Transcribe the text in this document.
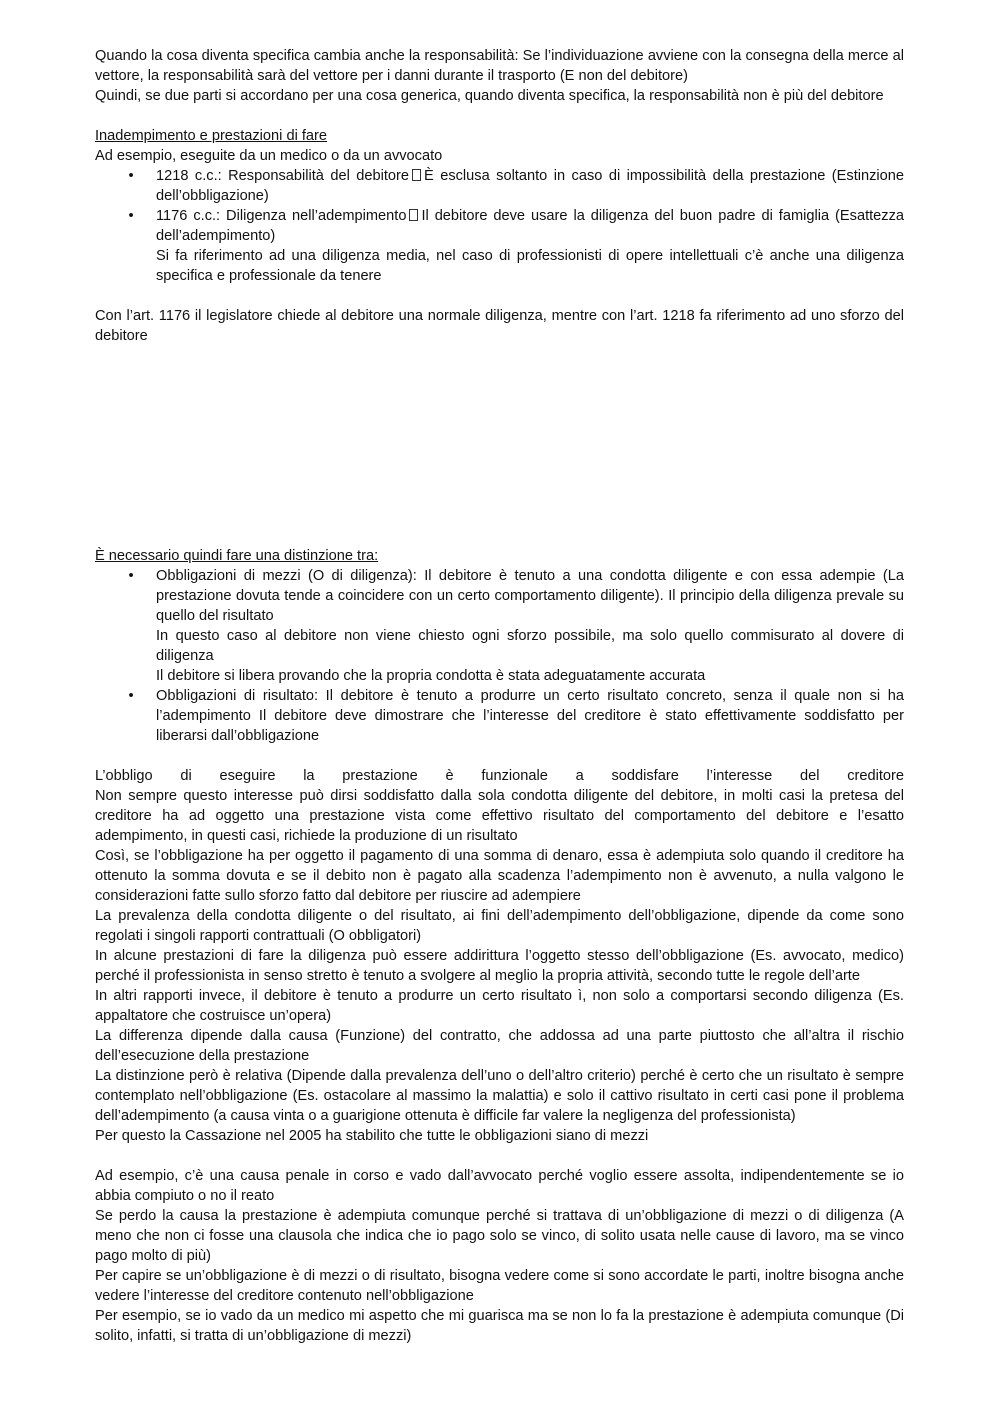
Quando la cosa diventa specifica cambia anche la responsabilità: Se l’individuazione avviene con la consegna della merce al vettore, la responsabilità sarà del vettore per i danni durante il trasporto (E non del debitore)

Quindi, se due parti si accordano per una cosa generica, quando diventa specifica, la responsabilità non è più del debitore

Inadempimento e prestazioni di fare

Ad esempio, eseguite da un medico o da un avvocato

• 1218 c.c.: Responsabilità del debitore È esclusa soltanto in caso di impossibilità della prestazione (Estinzione dell’obbligazione)
• 1176 c.c.: Diligenza nell’adempimento Il debitore deve usare la diligenza del buon padre di famiglia (Esattezza dell’adempimento)
Si fa riferimento ad una diligenza media, nel caso di professionisti di opere intellettuali c’è anche una diligenza specifica e professionale da tenere

Con l’art. 1176 il legislatore chiede al debitore una normale diligenza, mentre con l’art. 1218 fa riferimento ad uno sforzo del debitore

È necessario quindi fare una distinzione tra:

• Obbligazioni di mezzi (O di diligenza): Il debitore è tenuto a una condotta diligente e con essa adempie (La prestazione dovuta tende a coincidere con un certo comportamento diligente). Il principio della diligenza prevale su quello del risultato
In questo caso al debitore non viene chiesto ogni sforzo possibile, ma solo quello commisurato al dovere di diligenza
Il debitore si libera provando che la propria condotta è stata adeguatamente accurata
• Obbligazioni di risultato: Il debitore è tenuto a produrre un certo risultato concreto, senza il quale non si ha l’adempimento Il debitore deve dimostrare che l’interesse del creditore è stato effettivamente soddisfatto per liberarsi dall’obbligazione

L’obbligo di eseguire la prestazione è funzionale a soddisfare l’interesse del creditore

Non sempre questo interesse può dirsi soddisfatto dalla sola condotta diligente del debitore, in molti casi la pretesa del creditore ha ad oggetto una prestazione vista come effettivo risultato del comportamento del debitore e l’esatto adempimento, in questi casi, richiede la produzione di un risultato

Così, se l’obbligazione ha per oggetto il pagamento di una somma di denaro, essa è adempiuta solo quando il creditore ha ottenuto la somma dovuta e se il debito non è pagato alla scadenza l’adempimento non è avvenuto, a nulla valgono le considerazioni fatte sullo sforzo fatto dal debitore per riuscire ad adempiere

La prevalenza della condotta diligente o del risultato, ai fini dell’adempimento dell’obbligazione, dipende da come sono regolati i singoli rapporti contrattuali (O obbligatori)

In alcune prestazioni di fare la diligenza può essere addirittura l’oggetto stesso dell’obbligazione (Es. avvocato, medico) perché il professionista in senso stretto è tenuto a svolgere al meglio la propria attività, secondo tutte le regole dell’arte

In altri rapporti invece, il debitore è tenuto a produrre un certo risultato ì, non solo a comportarsi secondo diligenza (Es. appaltatore che costruisce un’opera)

La differenza dipende dalla causa (Funzione) del contratto, che addossa ad una parte piuttosto che all’altra il rischio dell’esecuzione della prestazione

La distinzione però è relativa (Dipende dalla prevalenza dell’uno o dell’altro criterio) perché è certo che un risultato è sempre contemplato nell’obbligazione (Es. ostacolare al massimo la malattia) e solo il cattivo risultato in certi casi pone il problema dell’adempimento (a causa vinta o a guarigione ottenuta è difficile far valere la negligenza del professionista)

Per questo la Cassazione nel 2005 ha stabilito che tutte le obbligazioni siano di mezzi

Ad esempio, c’è una causa penale in corso e vado dall’avvocato perché voglio essere assolta, indipendentemente se io abbia compiuto o no il reato

Se perdo la causa la prestazione è adempiuta comunque perché si trattava di un’obbligazione di mezzi o di diligenza (A meno che non ci fosse una clausola che indica che io pago solo se vinco, di solito usata nelle cause di lavoro, ma se vinco pago molto di più)

Per capire se un’obbligazione è di mezzi o di risultato, bisogna vedere come si sono accordate le parti, inoltre bisogna anche vedere l’interesse del creditore contenuto nell’obbligazione

Per esempio, se io vado da un medico mi aspetto che mi guarisca ma se non lo fa la prestazione è adempiuta comunque (Di solito, infatti, si tratta di un’obbligazione di mezzi)
